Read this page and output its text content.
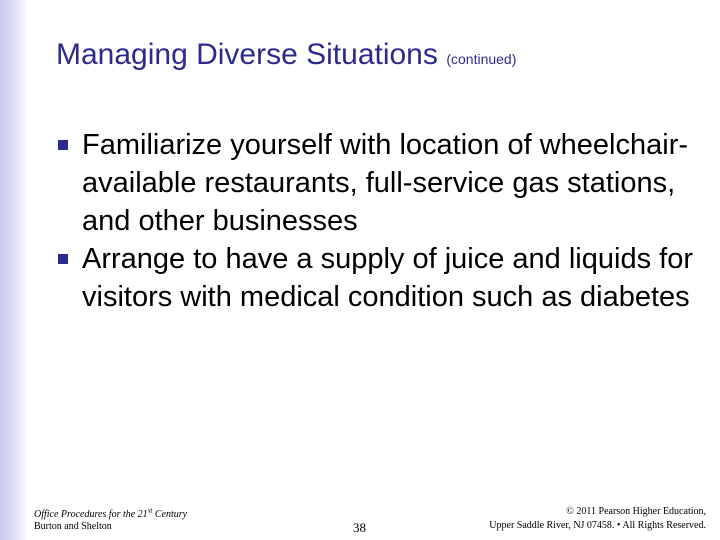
Managing Diverse Situations (continued)
Familiarize yourself with location of wheelchair-available restaurants, full-service gas stations, and other businesses
Arrange to have a supply of juice and liquids for visitors with medical condition such as diabetes
Office Procedures for the 21st Century
Burton and Shelton	38
© 2011 Pearson Higher Education,
Upper Saddle River, NJ 07458. • All Rights Reserved.
